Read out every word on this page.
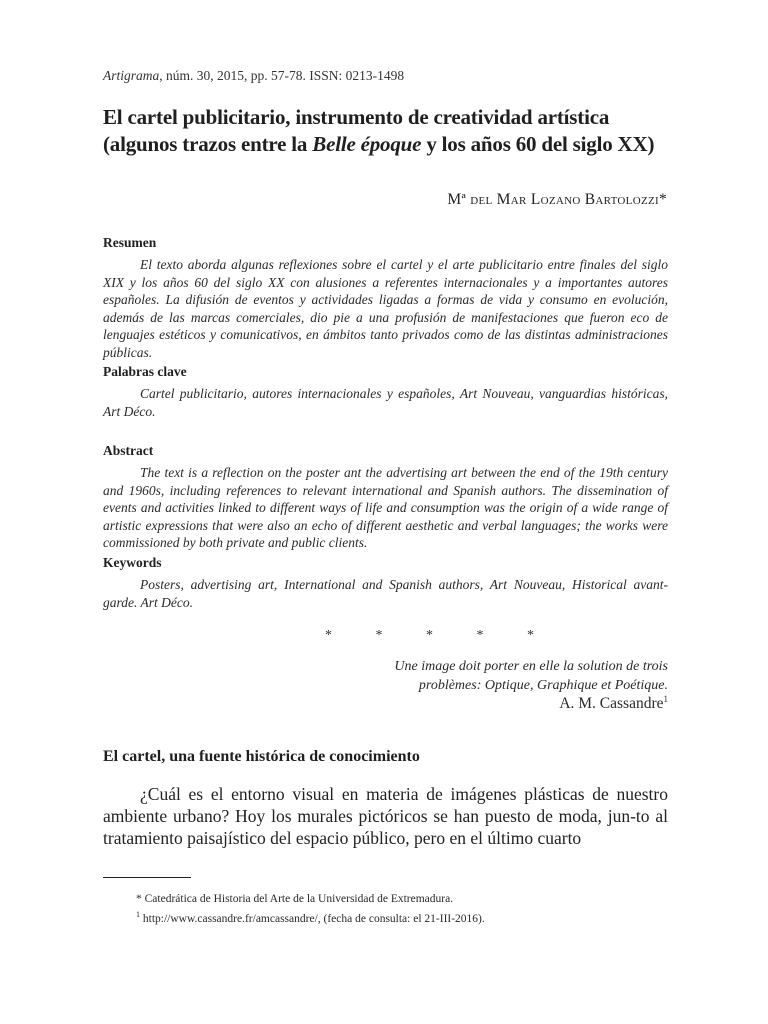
Artigrama, núm. 30, 2015, pp. 57-78. ISSN: 0213-1498
El cartel publicitario, instrumento de creatividad artística
(algunos trazos entre la Belle époque y los años 60 del siglo XX)
Mª del Mar Lozano Bartolozzi*
Resumen

El texto aborda algunas reflexiones sobre el cartel y el arte publicitario entre finales del siglo XIX y los años 60 del siglo XX con alusiones a referentes internacionales y a importantes autores españoles. La difusión de eventos y actividades ligadas a formas de vida y consumo en evolución, además de las marcas comerciales, dio pie a una profusión de manifestaciones que fueron eco de lenguajes estéticos y comunicativos, en ámbitos tanto privados como de las distintas administraciones públicas.

Palabras clave

Cartel publicitario, autores internacionales y españoles, Art Nouveau, vanguardias históricas, Art Déco.

Abstract

The text is a reflection on the poster ant the advertising art between the end of the 19th century and 1960s, including references to relevant international and Spanish authors. The dissemination of events and activities linked to different ways of life and consumption was the origin of a wide range of artistic expressions that were also an echo of different aesthetic and verbal languages; the works were commissioned by both private and public clients.

Keywords

Posters, advertising art, International and Spanish authors, Art Nouveau, Historical avant-garde. Art Déco.

* * * * *
Une image doit porter en elle la solution de trois
problèmes: Optique, Graphique et Poétique.
A. M. Cassandre$^1$
El cartel, una fuente histórica de conocimiento

¿Cuál es el entorno visual en materia de imágenes plásticas de nuestro ambiente urbano? Hoy los murales pictóricos se han puesto de moda, jun-to al tratamiento paisajístico del espacio público, pero en el último cuarto

* Catedrática de Historia del Arte de la Universidad de Extremadura.
$^1$ http://www.cassandre.fr/amcassandre/, (fecha de consulta: el 21-III-2016).
